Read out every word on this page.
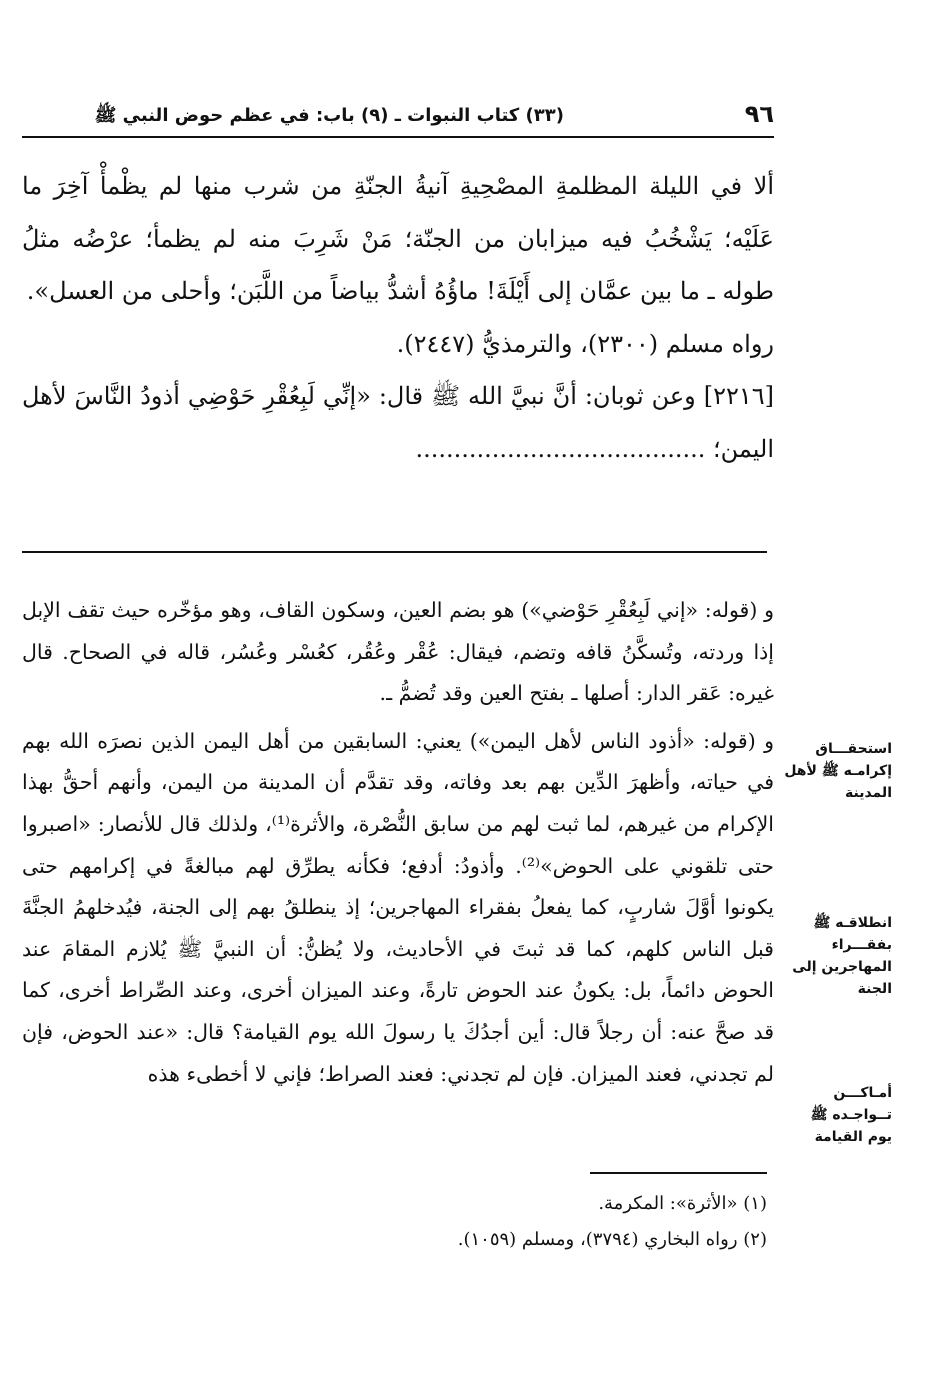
٩٦
(٣٣) كتاب النبوات ـ (٩) باب: في عظم حوض النبي ﷺ

ألا في الليلة المظلمةِ المصْحِيةِ آنيةُ الجنّةِ من شرب منها لم يظْمأْ آخِرَ ما عَلَيْه؛ يَشْخُبُ فيه ميزابان من الجنّة؛ مَنْ شَرِبَ منه لم يظمأ؛ عرْضُه مثلُ طوله ـ ما بين عمَّان إلى أَيْلَةَ! ماؤُهُ أشدُّ بياضاً من اللَّبَن؛ وأحلى من العسل».

رواه مسلم (٢٣٠٠)، والترمذيُّ (٢٤٤٧).

[٢٢١٦] وعن ثوبان: أنَّ نبيَّ الله ﷺ قال: «إنِّي لَبِعُقْرِ حَوْضِي أذودُ النَّاسَ لأهل اليمن؛ ......................................

و (قوله: «إني لَبِعُقْرِ حَوْضي») هو بضم العين، وسكون القاف، وهو مؤخّره حيث تقف الإبل إذا وردته، وتُسكَّنُ قافه وتضم، فيقال: عُقْر وعُقُر، كعُسْر وعُسُر، قاله في الصحاح. قال غيره: عَقر الدار: أصلها ـ بفتح العين وقد تُضمُّ ـ.

و (قوله: «أذود الناس لأهل اليمن») يعني: السابقين من أهل اليمن الذين نصرَه الله بهم في حياته، وأظهرَ الدِّين بهم بعد وفاته، وقد تقدَّم أن المدينة من اليمن، وأنهم أحقُّ بهذا الإكرام من غيرهم، لما ثبت لهم من سابق النُّصْرة، والأثرة⁽¹⁾، ولذلك قال للأنصار: «اصبروا حتى تلقوني على الحوض»⁽²⁾. وأذودُ: أدفع؛ فكأنه يطرِّق لهم مبالغةً في إكرامهم حتى يكونوا أوَّلَ شاربٍ، كما يفعلُ بفقراء المهاجرين؛ إذ ينطلقُ بهم إلى الجنة، فيُدخلهمُ الجنَّةَ قبل الناس كلهم، كما قد ثبتَ في الأحاديث، ولا يُظنُّ: أن النبيَّ ﷺ يُلازم المقامَ عند الحوض دائماً، بل: يكونُ عند الحوض تارةً، وعند الميزان أخرى، وعند الصِّراط أخرى، كما قد صحَّ عنه: أن رجلاً قال: أين أجدُكَ يا رسولَ الله يوم القيامة؟ قال: «عند الحوض، فإن لم تجدني، فعند الميزان. فإن لم تجدني: فعند الصراط؛ فإني لا أخطىء هذه

استحقـــاق إكرامـه ﷺ لأهل المدينة
انطلاقـه ﷺ بفقـــراء المهاجرين إلى الجنة
أمـاكـــن تــواجـده ﷺ يوم القيامة

(١) «الأثرة»: المكرمة.

(٢) رواه البخاري (٣٧٩٤)، ومسلم (١٠٥٩).
